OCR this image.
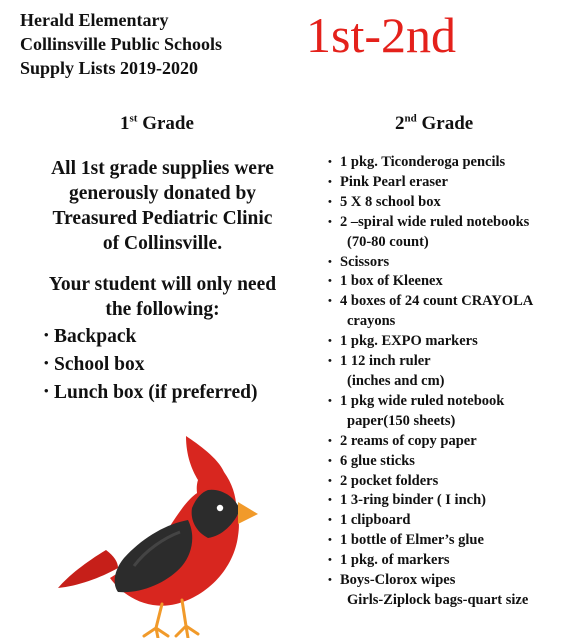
Herald Elementary
Collinsville Public Schools
Supply Lists 2019-2020
1st-2nd
1st Grade	2nd Grade
All 1st grade supplies were
generously donated by
Treasured Pediatric Clinic
of Collinsville.
Your student will only need
the following:
• Backpack
• School box
• Lunch box (if preferred)
• 1 pkg. Ticonderoga pencils
• Pink Pearl eraser
• 5 X 8 school box
• 2 –spiral wide ruled notebooks
(70-80 count)
• Scissors
• 1 box of Kleenex
• 4 boxes of 24 count CRAYOLA
crayons
• 1 pkg. EXPO markers
• 1 12 inch ruler
(inches and cm)
• 1 pkg wide ruled notebook
paper(150 sheets)
• 2 reams of copy paper
• 6 glue sticks
• 2 pocket folders
• 1 3-ring binder ( I inch)
• 1 clipboard
• 1 bottle of Elmer’s glue
• 1 pkg. of markers
• Boys-Clorox wipes
Girls-Ziplock bags-quart size
